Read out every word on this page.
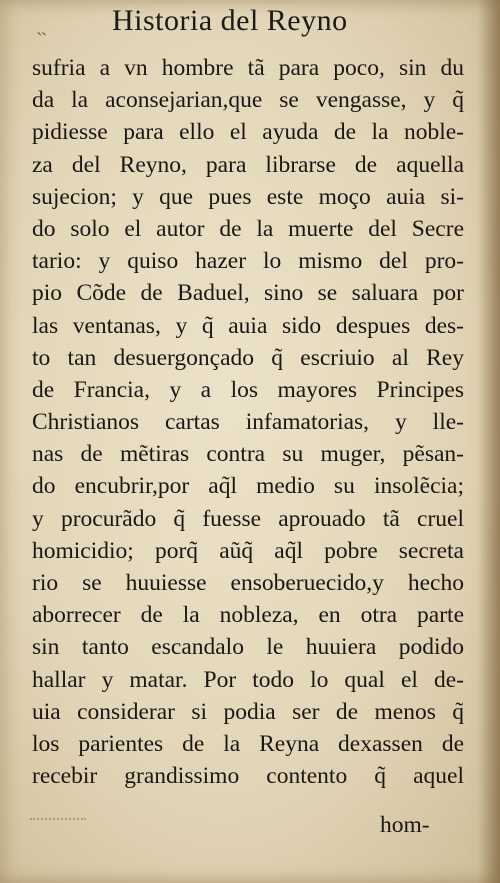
ˎˎ Historia del Reyno
sufria a vn hombre tã para poco, sin du
da la aconsejarian,que se vengasse, y q̃
pidiesse para ello el ayuda de la noble-
za del Reyno, para librarse de aquella
sujecion; y que pues este moço auia si-
do solo el autor de la muerte del Secre
tario: y quiso hazer lo mismo del pro-
pio Cõde de Baduel, sino se saluara por
las ventanas, y q̃ auia sido despues des-
to tan desuergonçado q̃ escriuio al Rey
de Francia, y a los mayores Principes
Christianos cartas infamatorias, y lle-
nas de mẽtiras contra su muger, pẽsan-
do encubrir,por aq̃l medio su insolẽcia;
y procurãdo q̃ fuesse aprouado tã cruel
homicidio; porq̃ aũq̃ aq̃l pobre secreta
rio se huuiesse ensoberuecido,y hecho
aborrecer de la nobleza, en otra parte
sin tanto escandalo le huuiera podido
hallar y matar. Por todo lo qual el de-
uia considerar si podia ser de menos q̃
los parientes de la Reyna dexassen de
recebir grandissimo contento q̃ aquel
hom-
